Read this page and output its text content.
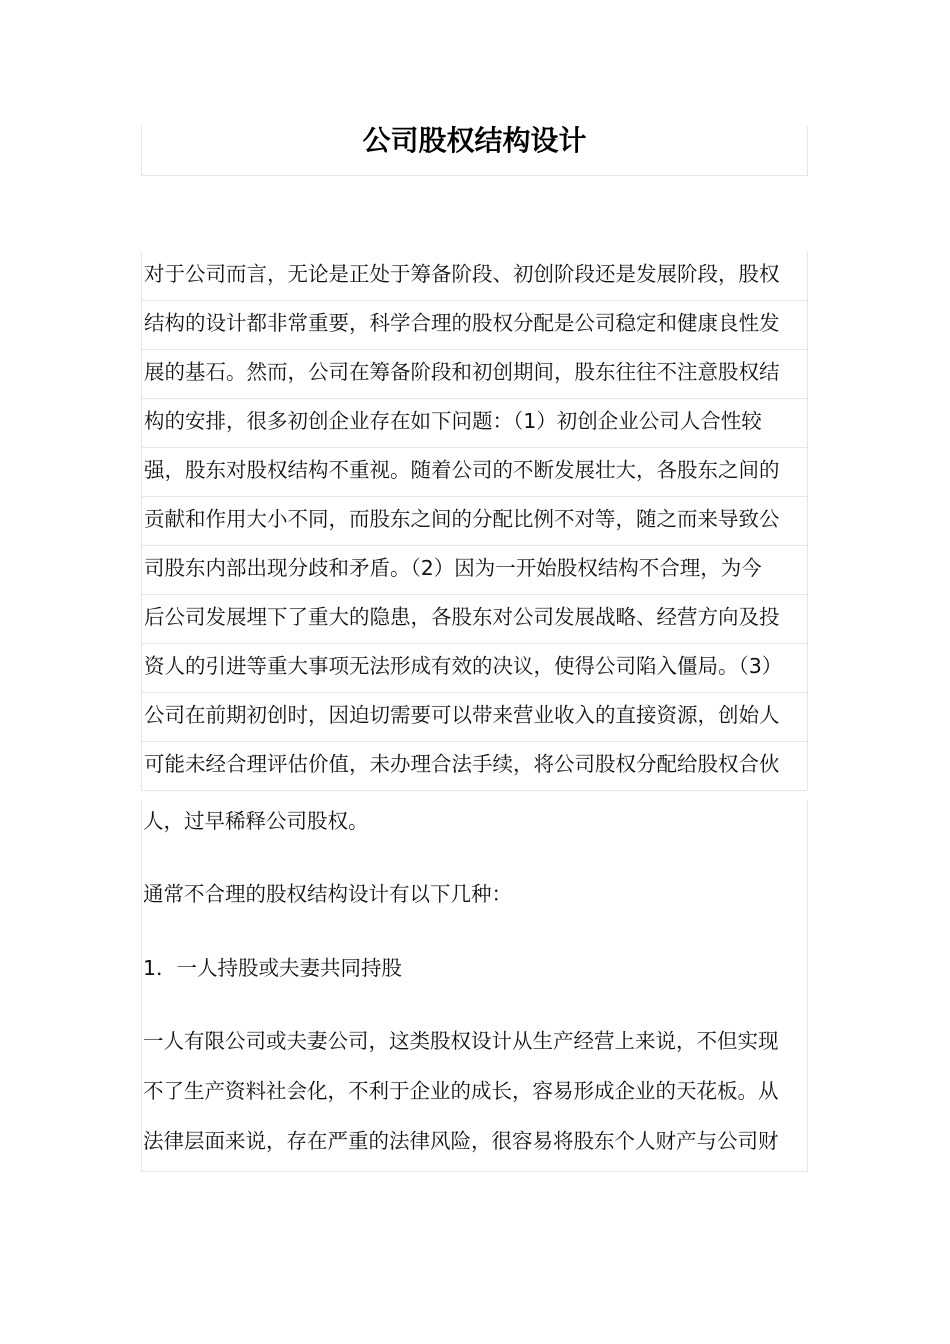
公司股权结构设计
对于公司而言，无论是正处于筹备阶段、初创阶段还是发展阶段，股权
结构的设计都非常重要，科学合理的股权分配是公司稳定和健康良性发
展的基石。然而，公司在筹备阶段和初创期间，股东往往不注意股权结
构的安排，很多初创企业存在如下问题：（1）初创企业公司人合性较
强，股东对股权结构不重视。随着公司的不断发展壮大，各股东之间的
贡献和作用大小不同，而股东之间的分配比例不对等，随之而来导致公
司股东内部出现分歧和矛盾。（2）因为一开始股权结构不合理，为今
后公司发展埋下了重大的隐患，各股东对公司发展战略、经营方向及投
资人的引进等重大事项无法形成有效的决议，使得公司陷入僵局。（3）
公司在前期初创时，因迫切需要可以带来营业收入的直接资源，创始人
可能未经合理评估价值，未办理合法手续，将公司股权分配给股权合伙
人，过早稀释公司股权。
通常不合理的股权结构设计有以下几种：
1．一人持股或夫妻共同持股
一人有限公司或夫妻公司，这类股权设计从生产经营上来说，不但实现
不了生产资料社会化，不利于企业的成长，容易形成企业的天花板。从
法律层面来说，存在严重的法律风险，很容易将股东个人财产与公司财
